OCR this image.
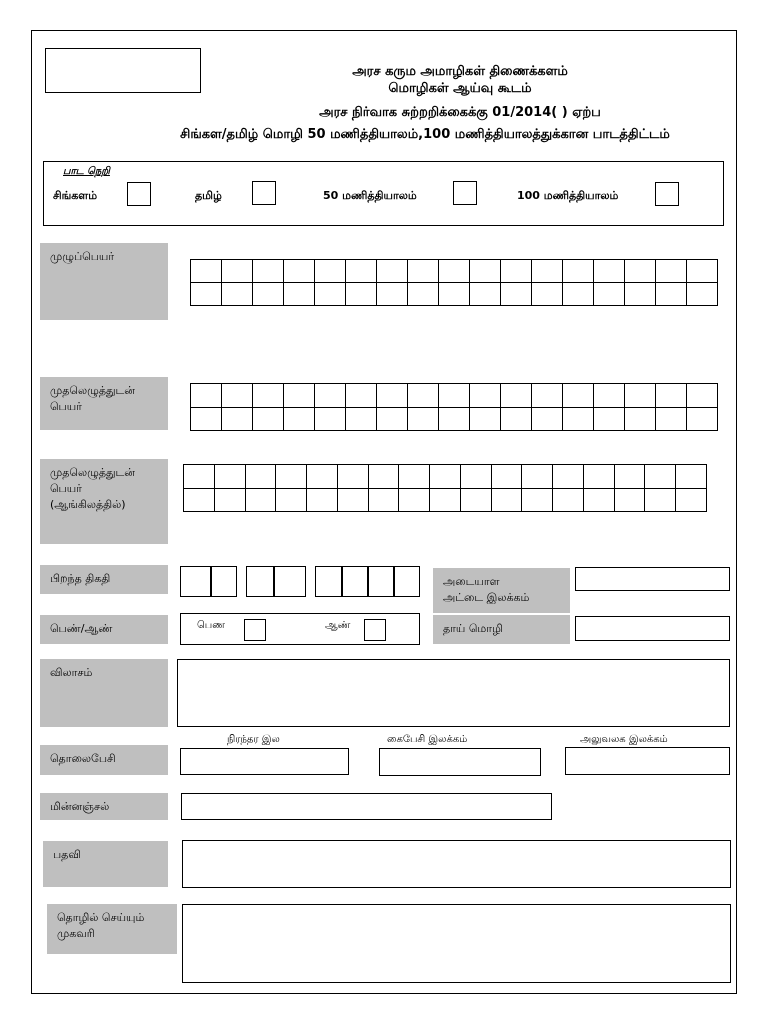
அரச கரும அமாழிகள் திணைக்களம்
மொழிகள் ஆய்வு கூடம்
அரச நிர்வாக சுற்றறிக்கைக்கு 01/2014( ) ஏற்ப
சிங்கள/தமிழ் மொழி 50 மணித்தியாலம்,100 மணித்தியாலத்துக்கான பாடத்திட்டம்
பாட நெறி
சிங்களம்	தமிழ்	50 மணித்தியாலம்	100 மணித்தியாலம்
முழுப்பெயர்
முதலெழுத்துடன்
பெயர்
முதலெழுத்துடன்
பெயர்
(ஆங்கிலத்தில்)
பிறந்த திகதி	அடையாள
அட்டை இலக்கம்
பெண்/ஆண்	பெண	ஆண்	தாய் மொழி
விலாசம்
நிரந்தர இல	கைபேசி இலக்கம்	அலுவலக இலக்கம்
தொலைபேசி
மின்னஞ்சல்
பதவி
தொழில் செய்யும்
முகவரி
